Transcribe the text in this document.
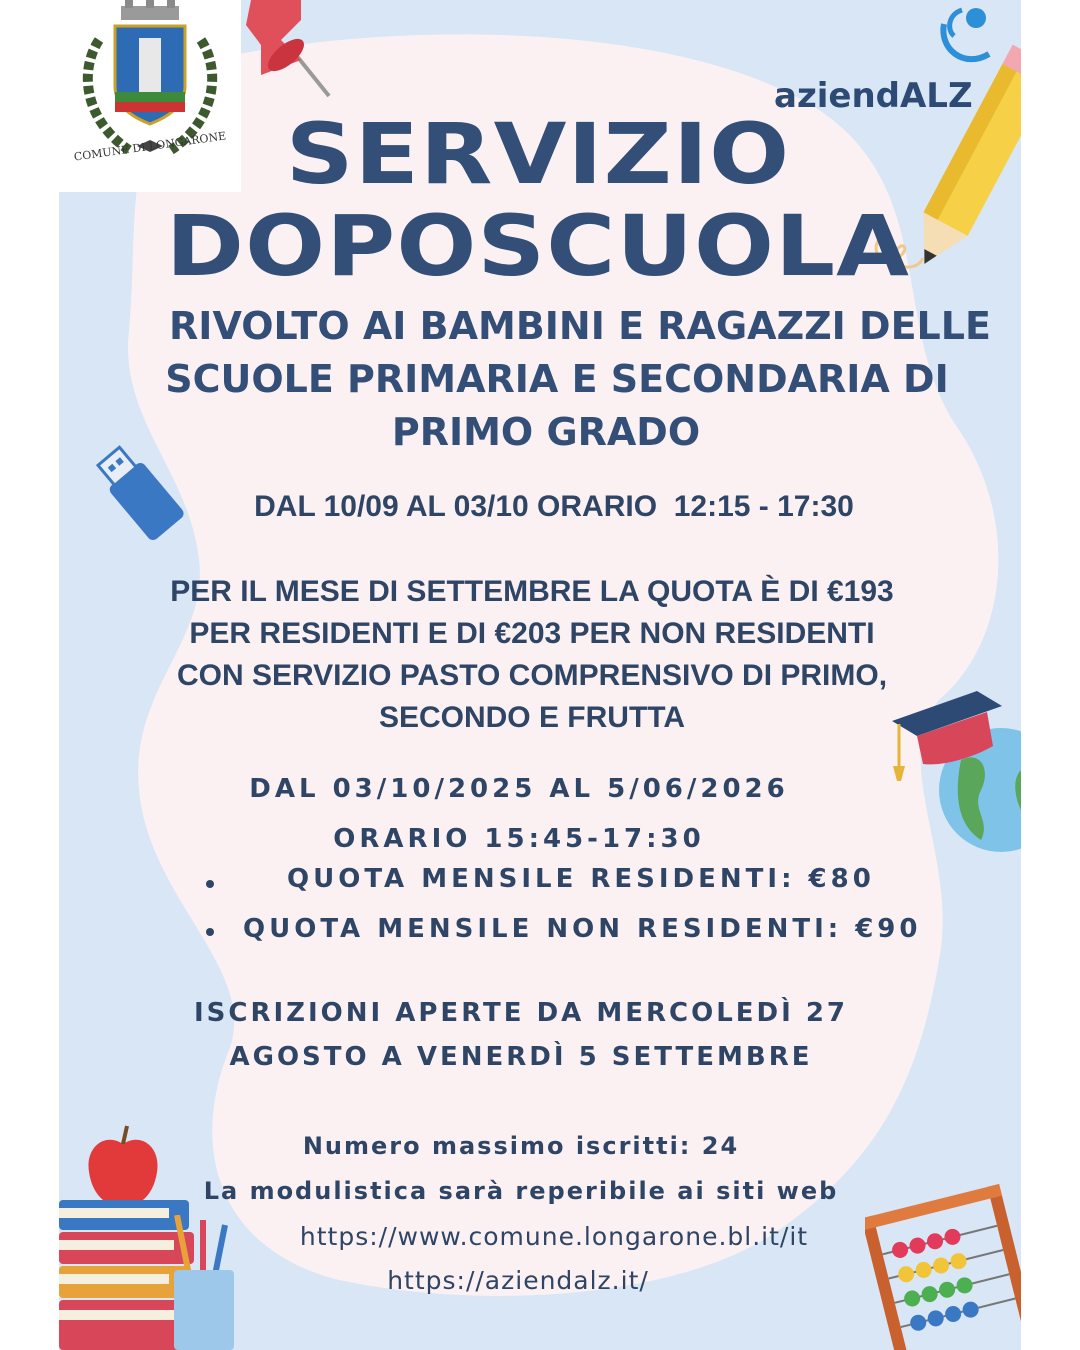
COMUNE DI LONGARONE
aziendALZ
SERVIZIO
DOPOSCUOLA
RIVOLTO AI BAMBINI E RAGAZZI DELLE
SCUOLE PRIMARIA E SECONDARIA DI
PRIMO GRADO
DAL 10/09 AL 03/10 ORARIO  12:15 - 17:30
PER IL MESE DI SETTEMBRE LA QUOTA È DI €193
PER RESIDENTI E DI €203 PER NON RESIDENTI
CON SERVIZIO PASTO COMPRENSIVO DI PRIMO,
SECONDO E FRUTTA
DAL 03/10/2025 AL 5/06/2026
ORARIO 15:45-17:30
QUOTA MENSILE RESIDENTI: €80
QUOTA MENSILE NON RESIDENTI: €90
ISCRIZIONI APERTE DA MERCOLEDÌ 27
AGOSTO A VENERDÌ 5 SETTEMBRE
Numero massimo iscritti: 24
La modulistica sarà reperibile ai siti web
https://www.comune.longarone.bl.it/it
https://aziendalz.it/
